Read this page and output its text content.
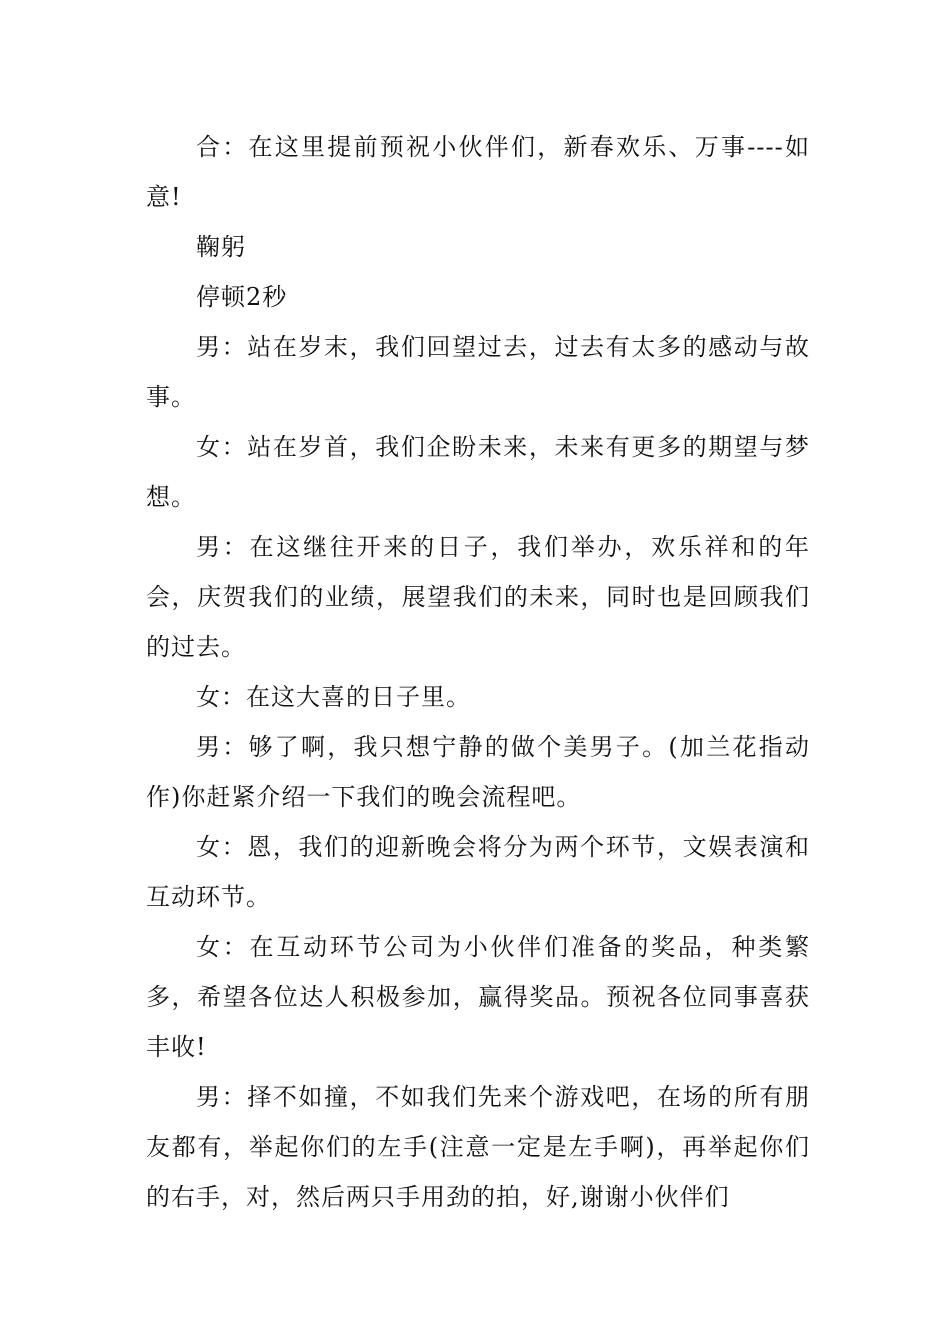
合：在这里提前预祝小伙伴们，新春欢乐、万事----如意!

鞠躬

停顿2秒

男：站在岁末，我们回望过去，过去有太多的感动与故事。

女：站在岁首，我们企盼未来，未来有更多的期望与梦想。

男：在这继往开来的日子，我们举办，欢乐祥和的年会，庆贺我们的业绩，展望我们的未来，同时也是回顾我们的过去。

女：在这大喜的日子里。

男：够了啊，我只想宁静的做个美男子。(加兰花指动作)你赶紧介绍一下我们的晚会流程吧。

女：恩，我们的迎新晚会将分为两个环节，文娱表演和互动环节。

女：在互动环节公司为小伙伴们准备的奖品，种类繁多，希望各位达人积极参加，赢得奖品。预祝各位同事喜获丰收!

男：择不如撞，不如我们先来个游戏吧，在场的所有朋友都有，举起你们的左手(注意一定是左手啊)，再举起你们的右手，对，然后两只手用劲的拍，好,谢谢小伙伴们
